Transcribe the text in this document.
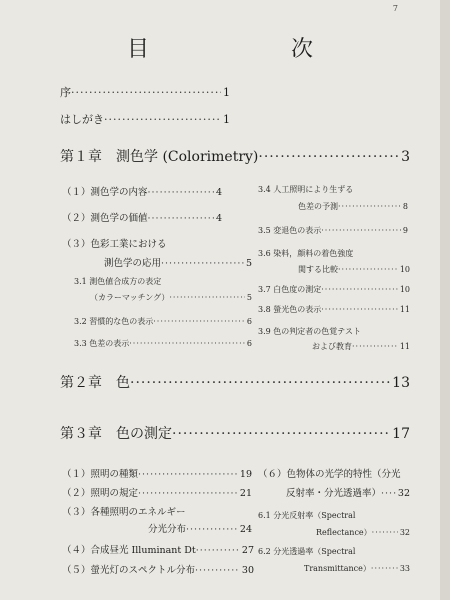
7
目　次
序 ·····	1
はしがき ·····	1
第１章　測色学 (Colorimetry) ·····	3
（１）測色学の内容 ·····	4
（２）測色学の価値 ·····	4
（３）色彩工業における
測色学の応用 ·····	5
3.1 測色値合成方の表定
（カラーマッチング） ·····	5
3.2 習慣的な色の表示 ·····	6
3.3 色差の表示 ·····	6
3.4 人工照明により生ずる
色差の予測 ·····	8
3.5 変退色の表示 ·····	9
3.6 染料，顔料の着色強度
関する比較 ·····	10
3.7 白色度の測定 ·····	10
3.8 螢光色の表示 ·····	11
3.9 色の判定者の色覚テスト
および教育 ·····	11
第２章　色 ·····	13
第３章　色の測定 ·····	17
（１）照明の種類 ·····	19
（２）照明の規定 ·····	21
（３）各種照明のエネルギー
分光分布 ·····	24
（４）合成昼光 Illuminant Dt ·····	27
（５）螢光灯のスペクトル分布 ·····	30
（６）色物体の光学的特性（分光
反射率・分光透過率） ····· 32
6.1 分光反射率（Spectral
Reflectance） ·····	32
6.2 分光透過率（Spectral
Transmittance） ·····	33
